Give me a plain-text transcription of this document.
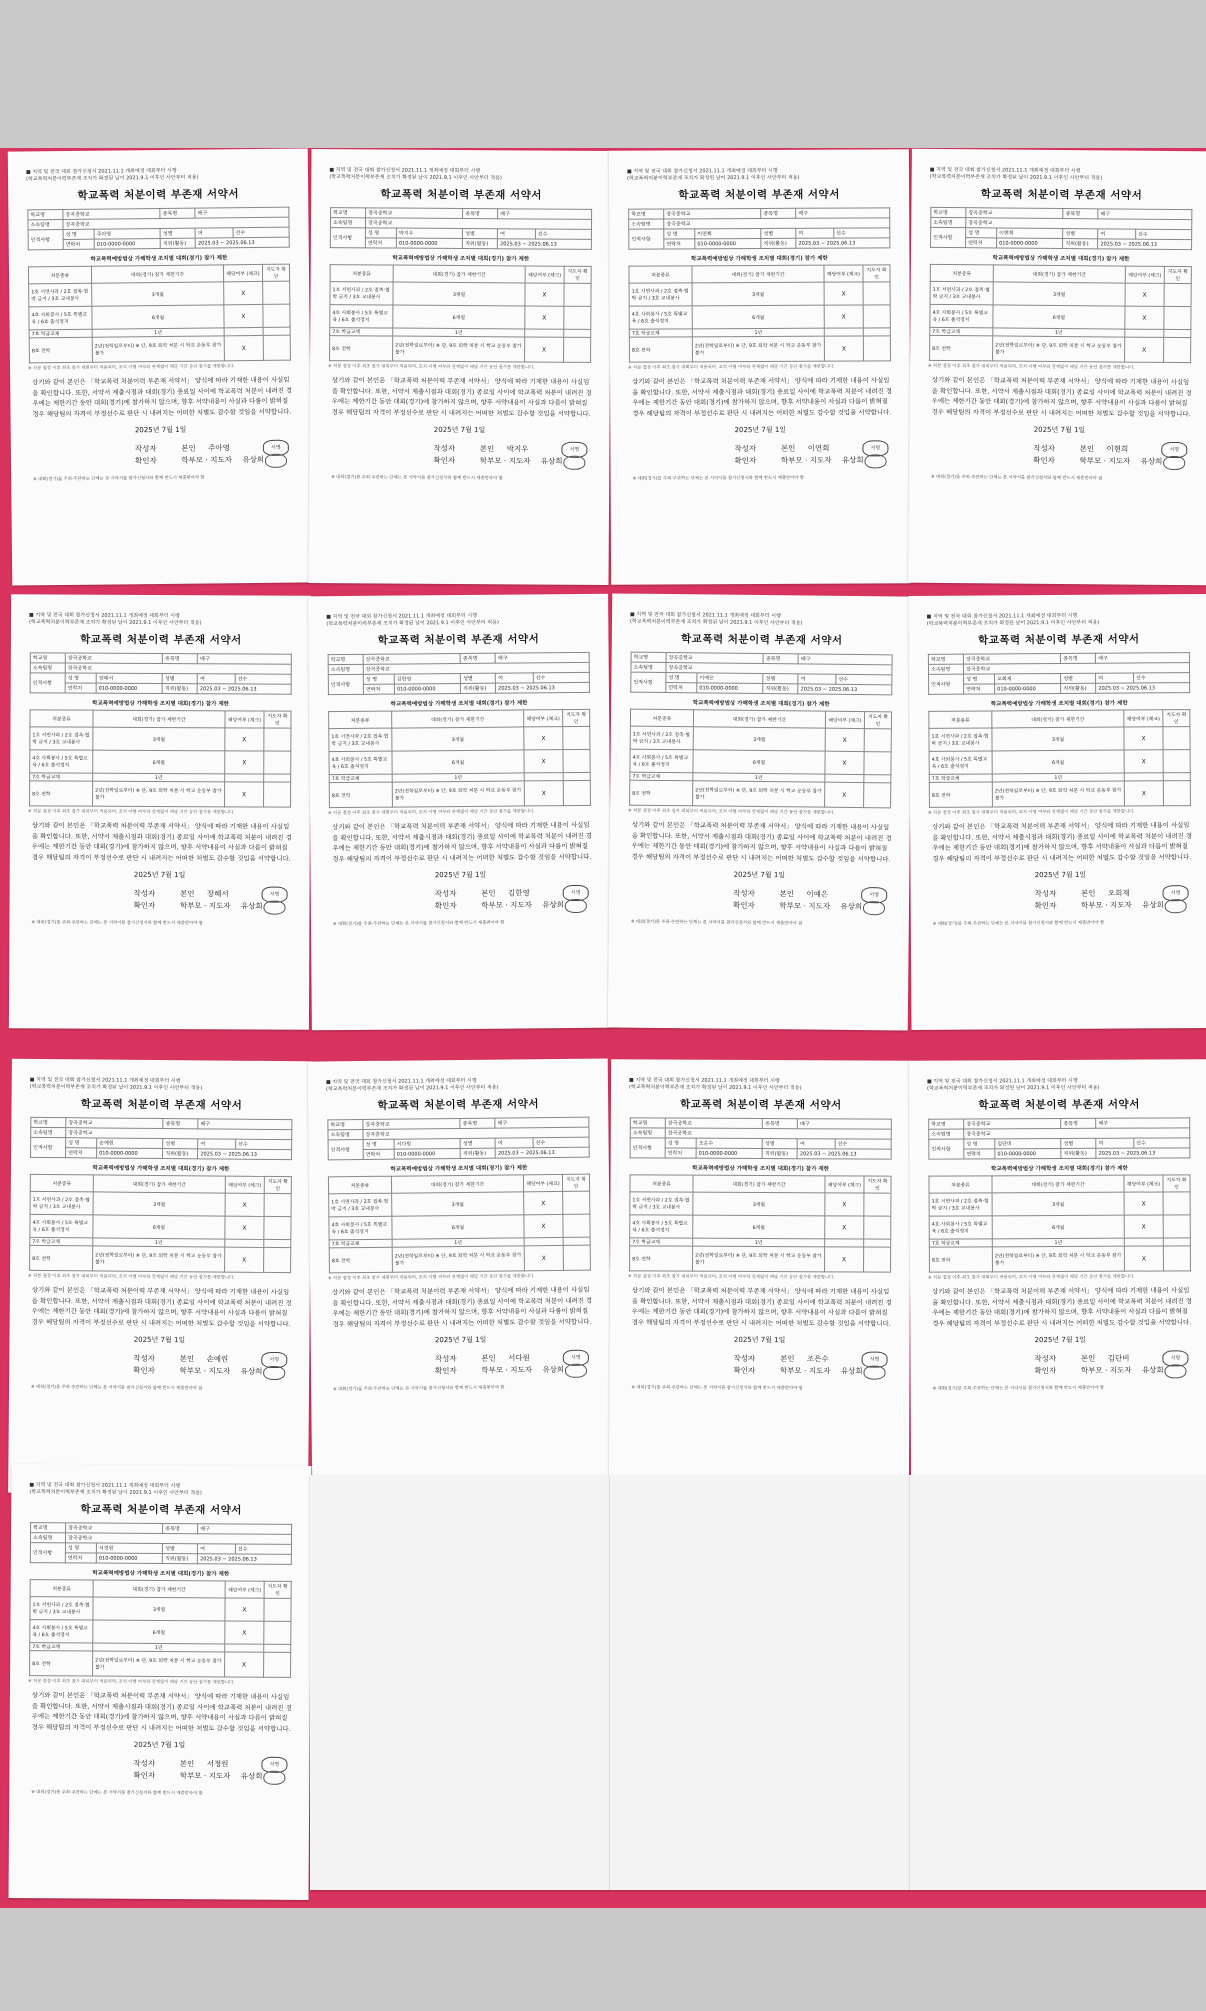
■ 지역 및 전국 대회 참가신청서 2021.11.1 개최예정 대회부터 시행
(학교폭력처분이력부존재 조치가 확정된 날이 2021.9.1 이후인 사안부터 적용)
학교폭력 처분이력 부존재 서약서
학교명	장곡중학교		종목명	배구	
소속팀명	장곡중학교				
인적사항	성 명	주아영	성별	여	선수
	연락처	010-0000-0000	직위(활동)	2025.03 ~ 2025.06.13	
학교폭력예방법상 가해학생 조치별 대회(경기) 참가 제한
처분종류	대회(경기) 참가 제한기간	해당여부 (체크)	지도자 확인
1호 서면사과 / 2호 접촉·협박 금지 / 3호 교내봉사	3개월	X	
4호 사회봉사 / 5호 특별교육 / 6호 출석정지	6개월	X	
7호 학급교체	1년		
8호 전학	2년(전학일로부터) ※ 단, 9호 퇴학 처분 시 학교 운동부 참가 불가	X	
※ 처분 결정 이후 최초 참가 대회부터 적용되며, 조치 이행 여부와 관계없이 해당 기간 동안 참가를 제한합니다.
상기와 같이 본인은 「학교폭력 처분이력 부존재 서약서」 양식에 따라 기재한 내용이 사실임을 확인합니다. 또한, 서약서 제출시점과 대회(경기) 종료일 사이에 학교폭력 처분이 내려진 경우에는 제한기간 동안 대회(경기)에 참가하지 않으며, 향후 서약내용이 사실과 다름이 밝혀질 경우 해당팀의 자격이 부정선수로 판단 시 내려지는 어떠한 처벌도 감수할 것임을 서약합니다.
2025년 7월 1일
작성자	본인 주아영
확인자	학부모 · 지도자 유상희
서명
※ 대회(경기)를 주최·주관하는 단체는 본 서약서를 참가신청서와 함께 반드시 제출받아야 함
■ 지역 및 전국 대회 참가신청서 2021.11.1 개최예정 대회부터 시행
(학교폭력처분이력부존재 조치가 확정된 날이 2021.9.1 이후인 사안부터 적용)
학교폭력 처분이력 부존재 서약서
학교명	장곡중학교		종목명	배구	
소속팀명	장곡중학교				
인적사항	성 명	박지우	성별	여	선수
	연락처	010-0000-0000	직위(활동)	2025.03 ~ 2025.06.13	
학교폭력예방법상 가해학생 조치별 대회(경기) 참가 제한
처분종류	대회(경기) 참가 제한기간	해당여부 (체크)	지도자 확인
1호 서면사과 / 2호 접촉·협박 금지 / 3호 교내봉사	3개월	X	
4호 사회봉사 / 5호 특별교육 / 6호 출석정지	6개월	X	
7호 학급교체	1년		
8호 전학	2년(전학일로부터) ※ 단, 9호 퇴학 처분 시 학교 운동부 참가 불가	X	
※ 처분 결정 이후 최초 참가 대회부터 적용되며, 조치 이행 여부와 관계없이 해당 기간 동안 참가를 제한합니다.
상기와 같이 본인은 「학교폭력 처분이력 부존재 서약서」 양식에 따라 기재한 내용이 사실임을 확인합니다. 또한, 서약서 제출시점과 대회(경기) 종료일 사이에 학교폭력 처분이 내려진 경우에는 제한기간 동안 대회(경기)에 참가하지 않으며, 향후 서약내용이 사실과 다름이 밝혀질 경우 해당팀의 자격이 부정선수로 판단 시 내려지는 어떠한 처벌도 감수할 것임을 서약합니다.
2025년 7월 1일
작성자	본인 박지우
확인자	학부모 · 지도자 유상희
서명
※ 대회(경기)를 주최·주관하는 단체는 본 서약서를 참가신청서와 함께 반드시 제출받아야 함
■ 지역 및 전국 대회 참가신청서 2021.11.1 개최예정 대회부터 시행
(학교폭력처분이력부존재 조치가 확정된 날이 2021.9.1 이후인 사안부터 적용)
학교폭력 처분이력 부존재 서약서
학교명	장곡중학교		종목명	배구	
소속팀명	장곡중학교				
인적사항	성 명	이연희	성별	여	선수
	연락처	010-0000-0000	직위(활동)	2025.03 ~ 2025.06.13	
학교폭력예방법상 가해학생 조치별 대회(경기) 참가 제한
처분종류	대회(경기) 참가 제한기간	해당여부 (체크)	지도자 확인
1호 서면사과 / 2호 접촉·협박 금지 / 3호 교내봉사	3개월	X	
4호 사회봉사 / 5호 특별교육 / 6호 출석정지	6개월	X	
7호 학급교체	1년		
8호 전학	2년(전학일로부터) ※ 단, 9호 퇴학 처분 시 학교 운동부 참가 불가	X	
※ 처분 결정 이후 최초 참가 대회부터 적용되며, 조치 이행 여부와 관계없이 해당 기간 동안 참가를 제한합니다.
상기와 같이 본인은 「학교폭력 처분이력 부존재 서약서」 양식에 따라 기재한 내용이 사실임을 확인합니다. 또한, 서약서 제출시점과 대회(경기) 종료일 사이에 학교폭력 처분이 내려진 경우에는 제한기간 동안 대회(경기)에 참가하지 않으며, 향후 서약내용이 사실과 다름이 밝혀질 경우 해당팀의 자격이 부정선수로 판단 시 내려지는 어떠한 처벌도 감수할 것임을 서약합니다.
2025년 7월 1일
작성자	본인 이연희
확인자	학부모 · 지도자 유상희
서명
※ 대회(경기)를 주최·주관하는 단체는 본 서약서를 참가신청서와 함께 반드시 제출받아야 함
■ 지역 및 전국 대회 참가신청서 2021.11.1 개최예정 대회부터 시행
(학교폭력처분이력부존재 조치가 확정된 날이 2021.9.1 이후인 사안부터 적용)
학교폭력 처분이력 부존재 서약서
학교명	장곡중학교		종목명	배구	
소속팀명	장곡중학교				
인적사항	성 명	이현희	성별	여	선수
	연락처	010-0000-0000	직위(활동)	2025.03 ~ 2025.06.13	
학교폭력예방법상 가해학생 조치별 대회(경기) 참가 제한
처분종류	대회(경기) 참가 제한기간	해당여부 (체크)	지도자 확인
1호 서면사과 / 2호 접촉·협박 금지 / 3호 교내봉사	3개월	X	
4호 사회봉사 / 5호 특별교육 / 6호 출석정지	6개월	X	
7호 학급교체	1년		
8호 전학	2년(전학일로부터) ※ 단, 9호 퇴학 처분 시 학교 운동부 참가 불가	X	
※ 처분 결정 이후 최초 참가 대회부터 적용되며, 조치 이행 여부와 관계없이 해당 기간 동안 참가를 제한합니다.
상기와 같이 본인은 「학교폭력 처분이력 부존재 서약서」 양식에 따라 기재한 내용이 사실임을 확인합니다. 또한, 서약서 제출시점과 대회(경기) 종료일 사이에 학교폭력 처분이 내려진 경우에는 제한기간 동안 대회(경기)에 참가하지 않으며, 향후 서약내용이 사실과 다름이 밝혀질 경우 해당팀의 자격이 부정선수로 판단 시 내려지는 어떠한 처벌도 감수할 것임을 서약합니다.
2025년 7월 1일
작성자	본인 이현희
확인자	학부모 · 지도자 유상희
서명
※ 대회(경기)를 주최·주관하는 단체는 본 서약서를 참가신청서와 함께 반드시 제출받아야 함
■ 지역 및 전국 대회 참가신청서 2021.11.1 개최예정 대회부터 시행
(학교폭력처분이력부존재 조치가 확정된 날이 2021.9.1 이후인 사안부터 적용)
학교폭력 처분이력 부존재 서약서
학교명	장곡중학교		종목명	배구	
소속팀명	장곡중학교				
인적사항	성 명	장혜서	성별	여	선수
	연락처	010-0000-0000	직위(활동)	2025.03 ~ 2025.06.13	
학교폭력예방법상 가해학생 조치별 대회(경기) 참가 제한
처분종류	대회(경기) 참가 제한기간	해당여부 (체크)	지도자 확인
1호 서면사과 / 2호 접촉·협박 금지 / 3호 교내봉사	3개월	X	
4호 사회봉사 / 5호 특별교육 / 6호 출석정지	6개월	X	
7호 학급교체	1년		
8호 전학	2년(전학일로부터) ※ 단, 9호 퇴학 처분 시 학교 운동부 참가 불가	X	
※ 처분 결정 이후 최초 참가 대회부터 적용되며, 조치 이행 여부와 관계없이 해당 기간 동안 참가를 제한합니다.
상기와 같이 본인은 「학교폭력 처분이력 부존재 서약서」 양식에 따라 기재한 내용이 사실임을 확인합니다. 또한, 서약서 제출시점과 대회(경기) 종료일 사이에 학교폭력 처분이 내려진 경우에는 제한기간 동안 대회(경기)에 참가하지 않으며, 향후 서약내용이 사실과 다름이 밝혀질 경우 해당팀의 자격이 부정선수로 판단 시 내려지는 어떠한 처벌도 감수할 것임을 서약합니다.
2025년 7월 1일
작성자	본인 장혜서
확인자	학부모 · 지도자 유상희
서명
※ 대회(경기)를 주최·주관하는 단체는 본 서약서를 참가신청서와 함께 반드시 제출받아야 함
■ 지역 및 전국 대회 참가신청서 2021.11.1 개최예정 대회부터 시행
(학교폭력처분이력부존재 조치가 확정된 날이 2021.9.1 이후인 사안부터 적용)
학교폭력 처분이력 부존재 서약서
학교명	장곡중학교		종목명	배구	
소속팀명	장곡중학교				
인적사항	성 명	김한영	성별	여	선수
	연락처	010-0000-0000	직위(활동)	2025.03 ~ 2025.06.13	
학교폭력예방법상 가해학생 조치별 대회(경기) 참가 제한
처분종류	대회(경기) 참가 제한기간	해당여부 (체크)	지도자 확인
1호 서면사과 / 2호 접촉·협박 금지 / 3호 교내봉사	3개월	X	
4호 사회봉사 / 5호 특별교육 / 6호 출석정지	6개월	X	
7호 학급교체	1년		
8호 전학	2년(전학일로부터) ※ 단, 9호 퇴학 처분 시 학교 운동부 참가 불가	X	
※ 처분 결정 이후 최초 참가 대회부터 적용되며, 조치 이행 여부와 관계없이 해당 기간 동안 참가를 제한합니다.
상기와 같이 본인은 「학교폭력 처분이력 부존재 서약서」 양식에 따라 기재한 내용이 사실임을 확인합니다. 또한, 서약서 제출시점과 대회(경기) 종료일 사이에 학교폭력 처분이 내려진 경우에는 제한기간 동안 대회(경기)에 참가하지 않으며, 향후 서약내용이 사실과 다름이 밝혀질 경우 해당팀의 자격이 부정선수로 판단 시 내려지는 어떠한 처벌도 감수할 것임을 서약합니다.
2025년 7월 1일
작성자	본인 김한영
확인자	학부모 · 지도자 유상희
서명
※ 대회(경기)를 주최·주관하는 단체는 본 서약서를 참가신청서와 함께 반드시 제출받아야 함
■ 지역 및 전국 대회 참가신청서 2021.11.1 개최예정 대회부터 시행
(학교폭력처분이력부존재 조치가 확정된 날이 2021.9.1 이후인 사안부터 적용)
학교폭력 처분이력 부존재 서약서
학교명	장곡중학교		종목명	배구	
소속팀명	장곡중학교				
인적사항	성 명	이예은	성별	여	선수
	연락처	010-0000-0000	직위(활동)	2025.03 ~ 2025.06.13	
학교폭력예방법상 가해학생 조치별 대회(경기) 참가 제한
처분종류	대회(경기) 참가 제한기간	해당여부 (체크)	지도자 확인
1호 서면사과 / 2호 접촉·협박 금지 / 3호 교내봉사	3개월	X	
4호 사회봉사 / 5호 특별교육 / 6호 출석정지	6개월	X	
7호 학급교체	1년		
8호 전학	2년(전학일로부터) ※ 단, 9호 퇴학 처분 시 학교 운동부 참가 불가	X	
※ 처분 결정 이후 최초 참가 대회부터 적용되며, 조치 이행 여부와 관계없이 해당 기간 동안 참가를 제한합니다.
상기와 같이 본인은 「학교폭력 처분이력 부존재 서약서」 양식에 따라 기재한 내용이 사실임을 확인합니다. 또한, 서약서 제출시점과 대회(경기) 종료일 사이에 학교폭력 처분이 내려진 경우에는 제한기간 동안 대회(경기)에 참가하지 않으며, 향후 서약내용이 사실과 다름이 밝혀질 경우 해당팀의 자격이 부정선수로 판단 시 내려지는 어떠한 처벌도 감수할 것임을 서약합니다.
2025년 7월 1일
작성자	본인 이예은
확인자	학부모 · 지도자 유상희
서명
※ 대회(경기)를 주최·주관하는 단체는 본 서약서를 참가신청서와 함께 반드시 제출받아야 함
■ 지역 및 전국 대회 참가신청서 2021.11.1 개최예정 대회부터 시행
(학교폭력처분이력부존재 조치가 확정된 날이 2021.9.1 이후인 사안부터 적용)
학교폭력 처분이력 부존재 서약서
학교명	장곡중학교		종목명	배구	
소속팀명	장곡중학교				
인적사항	성 명	오희재	성별	여	선수
	연락처	010-0000-0000	직위(활동)	2025.03 ~ 2025.06.13	
학교폭력예방법상 가해학생 조치별 대회(경기) 참가 제한
처분종류	대회(경기) 참가 제한기간	해당여부 (체크)	지도자 확인
1호 서면사과 / 2호 접촉·협박 금지 / 3호 교내봉사	3개월	X	
4호 사회봉사 / 5호 특별교육 / 6호 출석정지	6개월	X	
7호 학급교체	1년		
8호 전학	2년(전학일로부터) ※ 단, 9호 퇴학 처분 시 학교 운동부 참가 불가	X	
※ 처분 결정 이후 최초 참가 대회부터 적용되며, 조치 이행 여부와 관계없이 해당 기간 동안 참가를 제한합니다.
상기와 같이 본인은 「학교폭력 처분이력 부존재 서약서」 양식에 따라 기재한 내용이 사실임을 확인합니다. 또한, 서약서 제출시점과 대회(경기) 종료일 사이에 학교폭력 처분이 내려진 경우에는 제한기간 동안 대회(경기)에 참가하지 않으며, 향후 서약내용이 사실과 다름이 밝혀질 경우 해당팀의 자격이 부정선수로 판단 시 내려지는 어떠한 처벌도 감수할 것임을 서약합니다.
2025년 7월 1일
작성자	본인 오희재
확인자	학부모 · 지도자 유상희
서명
※ 대회(경기)를 주최·주관하는 단체는 본 서약서를 참가신청서와 함께 반드시 제출받아야 함
■ 지역 및 전국 대회 참가신청서 2021.11.1 개최예정 대회부터 시행
(학교폭력처분이력부존재 조치가 확정된 날이 2021.9.1 이후인 사안부터 적용)
학교폭력 처분이력 부존재 서약서
학교명	장곡중학교		종목명	배구	
소속팀명	장곡중학교				
인적사항	성 명	손예원	성별	여	선수
	연락처	010-0000-0000	직위(활동)	2025.03 ~ 2025.06.13	
학교폭력예방법상 가해학생 조치별 대회(경기) 참가 제한
처분종류	대회(경기) 참가 제한기간	해당여부 (체크)	지도자 확인
1호 서면사과 / 2호 접촉·협박 금지 / 3호 교내봉사	3개월	X	
4호 사회봉사 / 5호 특별교육 / 6호 출석정지	6개월	X	
7호 학급교체	1년		
8호 전학	2년(전학일로부터) ※ 단, 9호 퇴학 처분 시 학교 운동부 참가 불가	X	
※ 처분 결정 이후 최초 참가 대회부터 적용되며, 조치 이행 여부와 관계없이 해당 기간 동안 참가를 제한합니다.
상기와 같이 본인은 「학교폭력 처분이력 부존재 서약서」 양식에 따라 기재한 내용이 사실임을 확인합니다. 또한, 서약서 제출시점과 대회(경기) 종료일 사이에 학교폭력 처분이 내려진 경우에는 제한기간 동안 대회(경기)에 참가하지 않으며, 향후 서약내용이 사실과 다름이 밝혀질 경우 해당팀의 자격이 부정선수로 판단 시 내려지는 어떠한 처벌도 감수할 것임을 서약합니다.
2025년 7월 1일
작성자	본인 손예원
확인자	학부모 · 지도자 유상희
서명
※ 대회(경기)를 주최·주관하는 단체는 본 서약서를 참가신청서와 함께 반드시 제출받아야 함
■ 지역 및 전국 대회 참가신청서 2021.11.1 개최예정 대회부터 시행
(학교폭력처분이력부존재 조치가 확정된 날이 2021.9.1 이후인 사안부터 적용)
학교폭력 처분이력 부존재 서약서
학교명	장곡중학교		종목명	배구	
소속팀명	장곡중학교				
인적사항	성 명	서다원	성별	여	선수
	연락처	010-0000-0000	직위(활동)	2025.03 ~ 2025.06.13	
학교폭력예방법상 가해학생 조치별 대회(경기) 참가 제한
처분종류	대회(경기) 참가 제한기간	해당여부 (체크)	지도자 확인
1호 서면사과 / 2호 접촉·협박 금지 / 3호 교내봉사	3개월	X	
4호 사회봉사 / 5호 특별교육 / 6호 출석정지	6개월	X	
7호 학급교체	1년		
8호 전학	2년(전학일로부터) ※ 단, 9호 퇴학 처분 시 학교 운동부 참가 불가	X	
※ 처분 결정 이후 최초 참가 대회부터 적용되며, 조치 이행 여부와 관계없이 해당 기간 동안 참가를 제한합니다.
상기와 같이 본인은 「학교폭력 처분이력 부존재 서약서」 양식에 따라 기재한 내용이 사실임을 확인합니다. 또한, 서약서 제출시점과 대회(경기) 종료일 사이에 학교폭력 처분이 내려진 경우에는 제한기간 동안 대회(경기)에 참가하지 않으며, 향후 서약내용이 사실과 다름이 밝혀질 경우 해당팀의 자격이 부정선수로 판단 시 내려지는 어떠한 처벌도 감수할 것임을 서약합니다.
2025년 7월 1일
작성자	본인 서다원
확인자	학부모 · 지도자 유상희
서명
※ 대회(경기)를 주최·주관하는 단체는 본 서약서를 참가신청서와 함께 반드시 제출받아야 함
■ 지역 및 전국 대회 참가신청서 2021.11.1 개최예정 대회부터 시행
(학교폭력처분이력부존재 조치가 확정된 날이 2021.9.1 이후인 사안부터 적용)
학교폭력 처분이력 부존재 서약서
학교명	장곡중학교		종목명	배구	
소속팀명	장곡중학교				
인적사항	성 명	조은수	성별	여	선수
	연락처	010-0000-0000	직위(활동)	2025.03 ~ 2025.06.13	
학교폭력예방법상 가해학생 조치별 대회(경기) 참가 제한
처분종류	대회(경기) 참가 제한기간	해당여부 (체크)	지도자 확인
1호 서면사과 / 2호 접촉·협박 금지 / 3호 교내봉사	3개월	X	
4호 사회봉사 / 5호 특별교육 / 6호 출석정지	6개월	X	
7호 학급교체	1년		
8호 전학	2년(전학일로부터) ※ 단, 9호 퇴학 처분 시 학교 운동부 참가 불가	X	
※ 처분 결정 이후 최초 참가 대회부터 적용되며, 조치 이행 여부와 관계없이 해당 기간 동안 참가를 제한합니다.
상기와 같이 본인은 「학교폭력 처분이력 부존재 서약서」 양식에 따라 기재한 내용이 사실임을 확인합니다. 또한, 서약서 제출시점과 대회(경기) 종료일 사이에 학교폭력 처분이 내려진 경우에는 제한기간 동안 대회(경기)에 참가하지 않으며, 향후 서약내용이 사실과 다름이 밝혀질 경우 해당팀의 자격이 부정선수로 판단 시 내려지는 어떠한 처벌도 감수할 것임을 서약합니다.
2025년 7월 1일
작성자	본인 조은수
확인자	학부모 · 지도자 유상희
서명
※ 대회(경기)를 주최·주관하는 단체는 본 서약서를 참가신청서와 함께 반드시 제출받아야 함
■ 지역 및 전국 대회 참가신청서 2021.11.1 개최예정 대회부터 시행
(학교폭력처분이력부존재 조치가 확정된 날이 2021.9.1 이후인 사안부터 적용)
학교폭력 처분이력 부존재 서약서
학교명	장곡중학교		종목명	배구	
소속팀명	장곡중학교				
인적사항	성 명	김단비	성별	여	선수
	연락처	010-0000-0000	직위(활동)	2025.03 ~ 2025.06.13	
학교폭력예방법상 가해학생 조치별 대회(경기) 참가 제한
처분종류	대회(경기) 참가 제한기간	해당여부 (체크)	지도자 확인
1호 서면사과 / 2호 접촉·협박 금지 / 3호 교내봉사	3개월	X	
4호 사회봉사 / 5호 특별교육 / 6호 출석정지	6개월	X	
7호 학급교체	1년		
8호 전학	2년(전학일로부터) ※ 단, 9호 퇴학 처분 시 학교 운동부 참가 불가	X	
※ 처분 결정 이후 최초 참가 대회부터 적용되며, 조치 이행 여부와 관계없이 해당 기간 동안 참가를 제한합니다.
상기와 같이 본인은 「학교폭력 처분이력 부존재 서약서」 양식에 따라 기재한 내용이 사실임을 확인합니다. 또한, 서약서 제출시점과 대회(경기) 종료일 사이에 학교폭력 처분이 내려진 경우에는 제한기간 동안 대회(경기)에 참가하지 않으며, 향후 서약내용이 사실과 다름이 밝혀질 경우 해당팀의 자격이 부정선수로 판단 시 내려지는 어떠한 처벌도 감수할 것임을 서약합니다.
2025년 7월 1일
작성자	본인 김단비
확인자	학부모 · 지도자 유상희
서명
※ 대회(경기)를 주최·주관하는 단체는 본 서약서를 참가신청서와 함께 반드시 제출받아야 함
■ 지역 및 전국 대회 참가신청서 2021.11.1 개최예정 대회부터 시행
(학교폭력처분이력부존재 조치가 확정된 날이 2021.9.1 이후인 사안부터 적용)
학교폭력 처분이력 부존재 서약서
학교명	장곡중학교		종목명	배구	
소속팀명	장곡중학교				
인적사항	성 명	서정원	성별	여	선수
	연락처	010-0000-0000	직위(활동)	2025.03 ~ 2025.06.13	
학교폭력예방법상 가해학생 조치별 대회(경기) 참가 제한
처분종류	대회(경기) 참가 제한기간	해당여부 (체크)	지도자 확인
1호 서면사과 / 2호 접촉·협박 금지 / 3호 교내봉사	3개월	X	
4호 사회봉사 / 5호 특별교육 / 6호 출석정지	6개월	X	
7호 학급교체	1년		
8호 전학	2년(전학일로부터) ※ 단, 9호 퇴학 처분 시 학교 운동부 참가 불가	X	
※ 처분 결정 이후 최초 참가 대회부터 적용되며, 조치 이행 여부와 관계없이 해당 기간 동안 참가를 제한합니다.
상기와 같이 본인은 「학교폭력 처분이력 부존재 서약서」 양식에 따라 기재한 내용이 사실임을 확인합니다. 또한, 서약서 제출시점과 대회(경기) 종료일 사이에 학교폭력 처분이 내려진 경우에는 제한기간 동안 대회(경기)에 참가하지 않으며, 향후 서약내용이 사실과 다름이 밝혀질 경우 해당팀의 자격이 부정선수로 판단 시 내려지는 어떠한 처벌도 감수할 것임을 서약합니다.
2025년 7월 1일
작성자	본인 서정원
확인자	학부모 · 지도자 유상희
서명
※ 대회(경기)를 주최·주관하는 단체는 본 서약서를 참가신청서와 함께 반드시 제출받아야 함
